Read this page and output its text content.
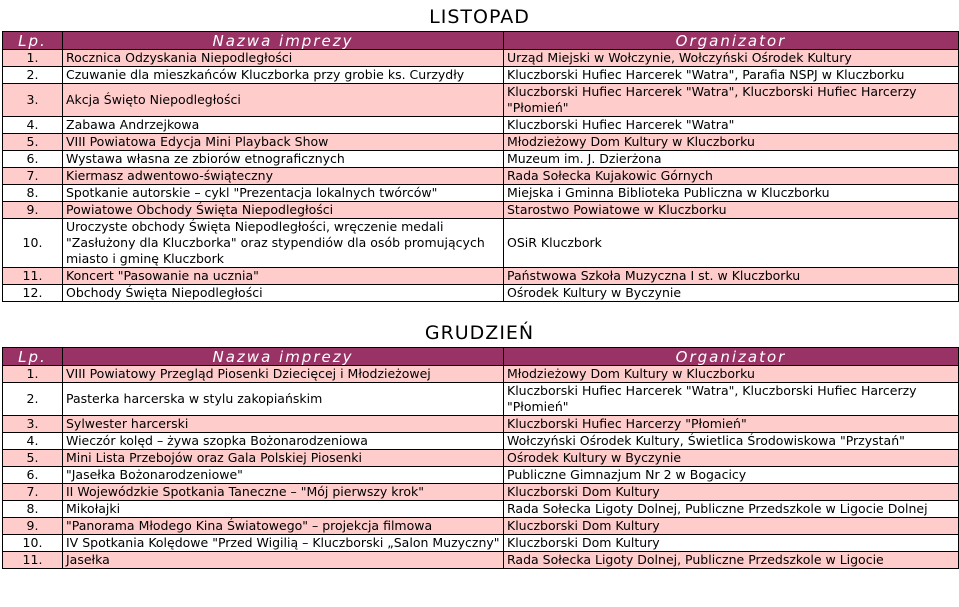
LISTOPAD
Lp.	Nazwa imprezy	Organizator
1.	Rocznica Odzyskania Niepodległości	Urząd Miejski w Wołczynie, Wołczyński Ośrodek Kultury
2.	Czuwanie dla mieszkańców Kluczborka przy grobie ks. Curzydły	Kluczborski Hufiec Harcerek "Watra", Parafia NSPJ w Kluczborku
3.	Akcja Święto Niepodległości	Kluczborski Hufiec Harcerek "Watra", Kluczborski Hufiec Harcerzy "Płomień"
4.	Zabawa Andrzejkowa	Kluczborski Hufiec Harcerek "Watra"
5.	VIII Powiatowa Edycja Mini Playback Show	Młodzieżowy Dom Kultury w Kluczborku
6.	Wystawa własna ze zbiorów etnograficznych	Muzeum im. J. Dzierżona
7.	Kiermasz adwentowo-świąteczny	Rada Sołecka Kujakowic Górnych
8.	Spotkanie autorskie – cykl "Prezentacja lokalnych twórców"	Miejska i Gminna Biblioteka Publiczna w Kluczborku
9.	Powiatowe Obchody Święta Niepodległości	Starostwo Powiatowe w Kluczborku
10.	Uroczyste obchody Święta Niepodległości, wręczenie medali "Zasłużony dla Kluczborka" oraz stypendiów dla osób promujących miasto i gminę Kluczbork	OSiR Kluczbork
11.	Koncert "Pasowanie na ucznia"	Państwowa Szkoła Muzyczna I st. w Kluczborku
12.	Obchody Święta Niepodległości	Ośrodek Kultury w Byczynie
GRUDZIEŃ
Lp.	Nazwa imprezy	Organizator
1.	VIII Powiatowy Przegląd Piosenki Dziecięcej i Młodzieżowej	Młodzieżowy Dom Kultury w Kluczborku
2.	Pasterka harcerska w stylu zakopiańskim	Kluczborski Hufiec Harcerek "Watra", Kluczborski Hufiec Harcerzy "Płomień"
3.	Sylwester harcerski	Kluczborski Hufiec Harcerzy "Płomień"
4.	Wieczór kolęd – żywa szopka Bożonarodzeniowa	Wołczyński Ośrodek Kultury, Świetlica Środowiskowa "Przystań"
5.	Mini Lista Przebojów oraz Gala Polskiej Piosenki	Ośrodek Kultury w Byczynie
6.	"Jasełka Bożonarodzeniowe"	Publiczne Gimnazjum Nr 2 w Bogacicy
7.	II Wojewódzkie Spotkania Taneczne – "Mój pierwszy krok"	Kluczborski Dom Kultury
8.	Mikołajki	Rada Sołecka Ligoty Dolnej, Publiczne Przedszkole w Ligocie Dolnej
9.	"Panorama Młodego Kina Światowego" – projekcja filmowa	Kluczborski Dom Kultury
10.	IV Spotkania Kolędowe "Przed Wigilią – Kluczborski „Salon Muzyczny"	Kluczborski Dom Kultury
11.	Jasełka	Rada Sołecka Ligoty Dolnej, Publiczne Przedszkole w Ligocie
